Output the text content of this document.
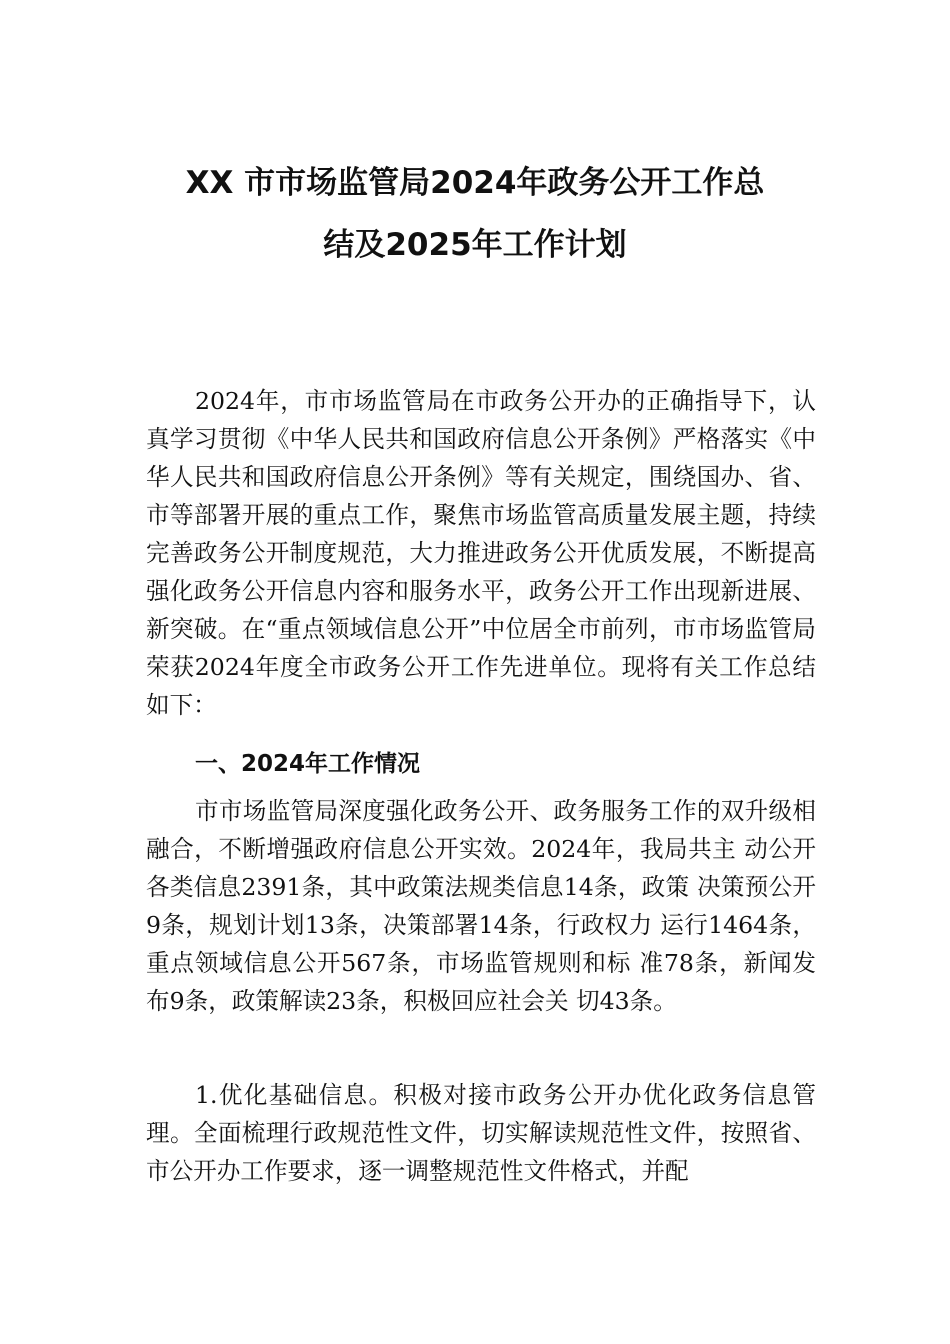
XX 市市场监管局2024年政务公开工作总
结及2025年工作计划

2024年，市市场监管局在市政务公开办的正确指导下，认真学习贯彻《中华人民共和国政府信息公开条例》严格落实《中华人民共和国政府信息公开条例》等有关规定，围绕国办、省、市等部署开展的重点工作，聚焦市场监管高质量发展主题，持续完善政务公开制度规范，大力推进政务公开优质发展，不断提高强化政务公开信息内容和服务水平，政务公开工作出现新进展、新突破。在“重点领域信息公开”中位居全市前列，市市场监管局荣获2024年度全市政务公开工作先进单位。现将有关工作总结如下：

一、2024年工作情况

市市场监管局深度强化政务公开、政务服务工作的双升级相融合，不断增强政府信息公开实效。2024年，我局共主 动公开各类信息2391条，其中政策法规类信息14条，政策 决策预公开9条，规划计划13条，决策部署14条，行政权力 运行1464条，重点领域信息公开567条，市场监管规则和标 准78条，新闻发布9条，政策解读23条，积极回应社会关 切43条。

1.优化基础信息。积极对接市政务公开办优化政务信息管理。全面梳理行政规范性文件，切实解读规范性文件，按照省、市公开办工作要求，逐一调整规范性文件格式，并配
